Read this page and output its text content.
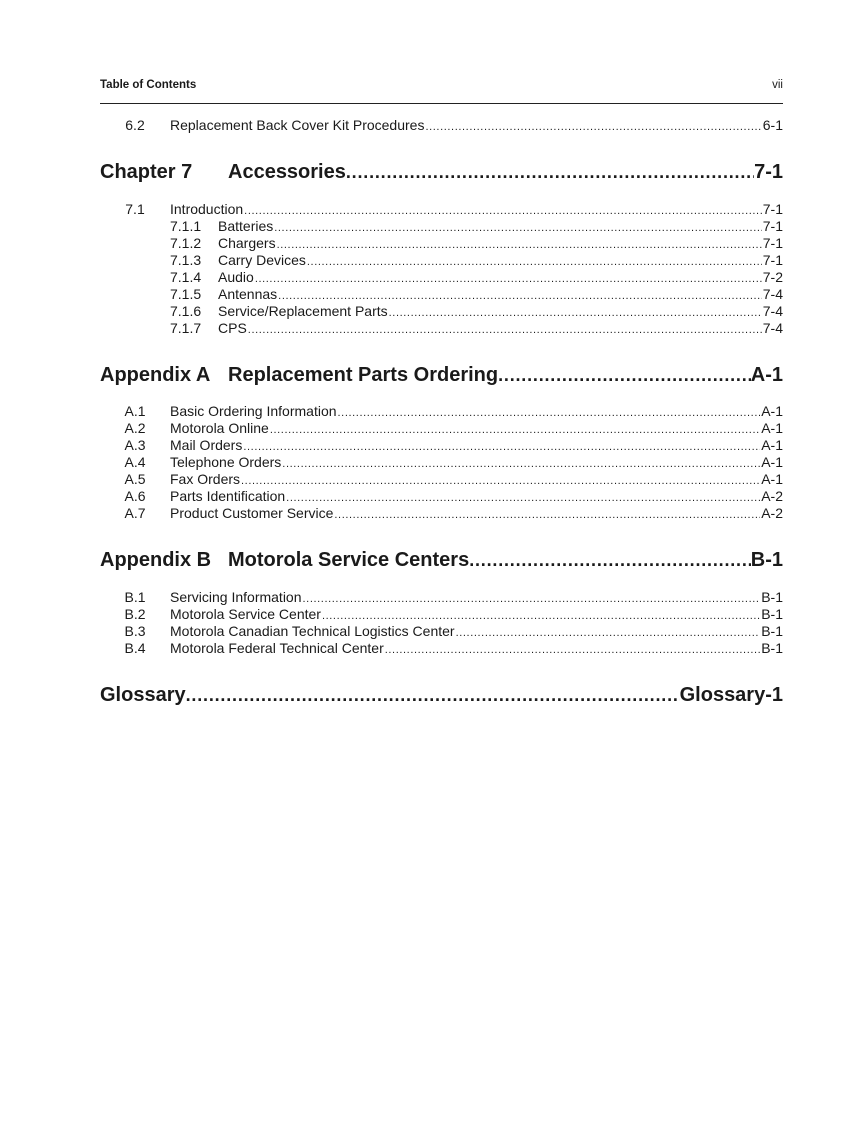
Table of Contents	vii
6.2	Replacement Back Cover Kit Procedures .....	6-1
Chapter 7	Accessories .....	7-1
7.1	Introduction .....	7-1
7.1.1	Batteries .....	7-1
7.1.2	Chargers .....	7-1
7.1.3	Carry Devices .....	7-1
7.1.4	Audio .....	7-2
7.1.5	Antennas .....	7-4
7.1.6	Service/Replacement Parts .....	7-4
7.1.7	CPS .....	7-4
Appendix A Replacement Parts Ordering .....	A-1
A.1	Basic Ordering Information .....	A-1
A.2	Motorola Online .....	A-1
A.3	Mail Orders .....	A-1
A.4	Telephone Orders .....	A-1
A.5	Fax Orders .....	A-1
A.6	Parts Identification .....	A-2
A.7	Product Customer Service .....	A-2
Appendix B Motorola Service Centers .....	B-1
B.1	Servicing Information .....	B-1
B.2	Motorola Service Center .....	B-1
B.3	Motorola Canadian Technical Logistics Center .....	B-1
B.4	Motorola Federal Technical Center .....	B-1
Glossary .....	Glossary-1
